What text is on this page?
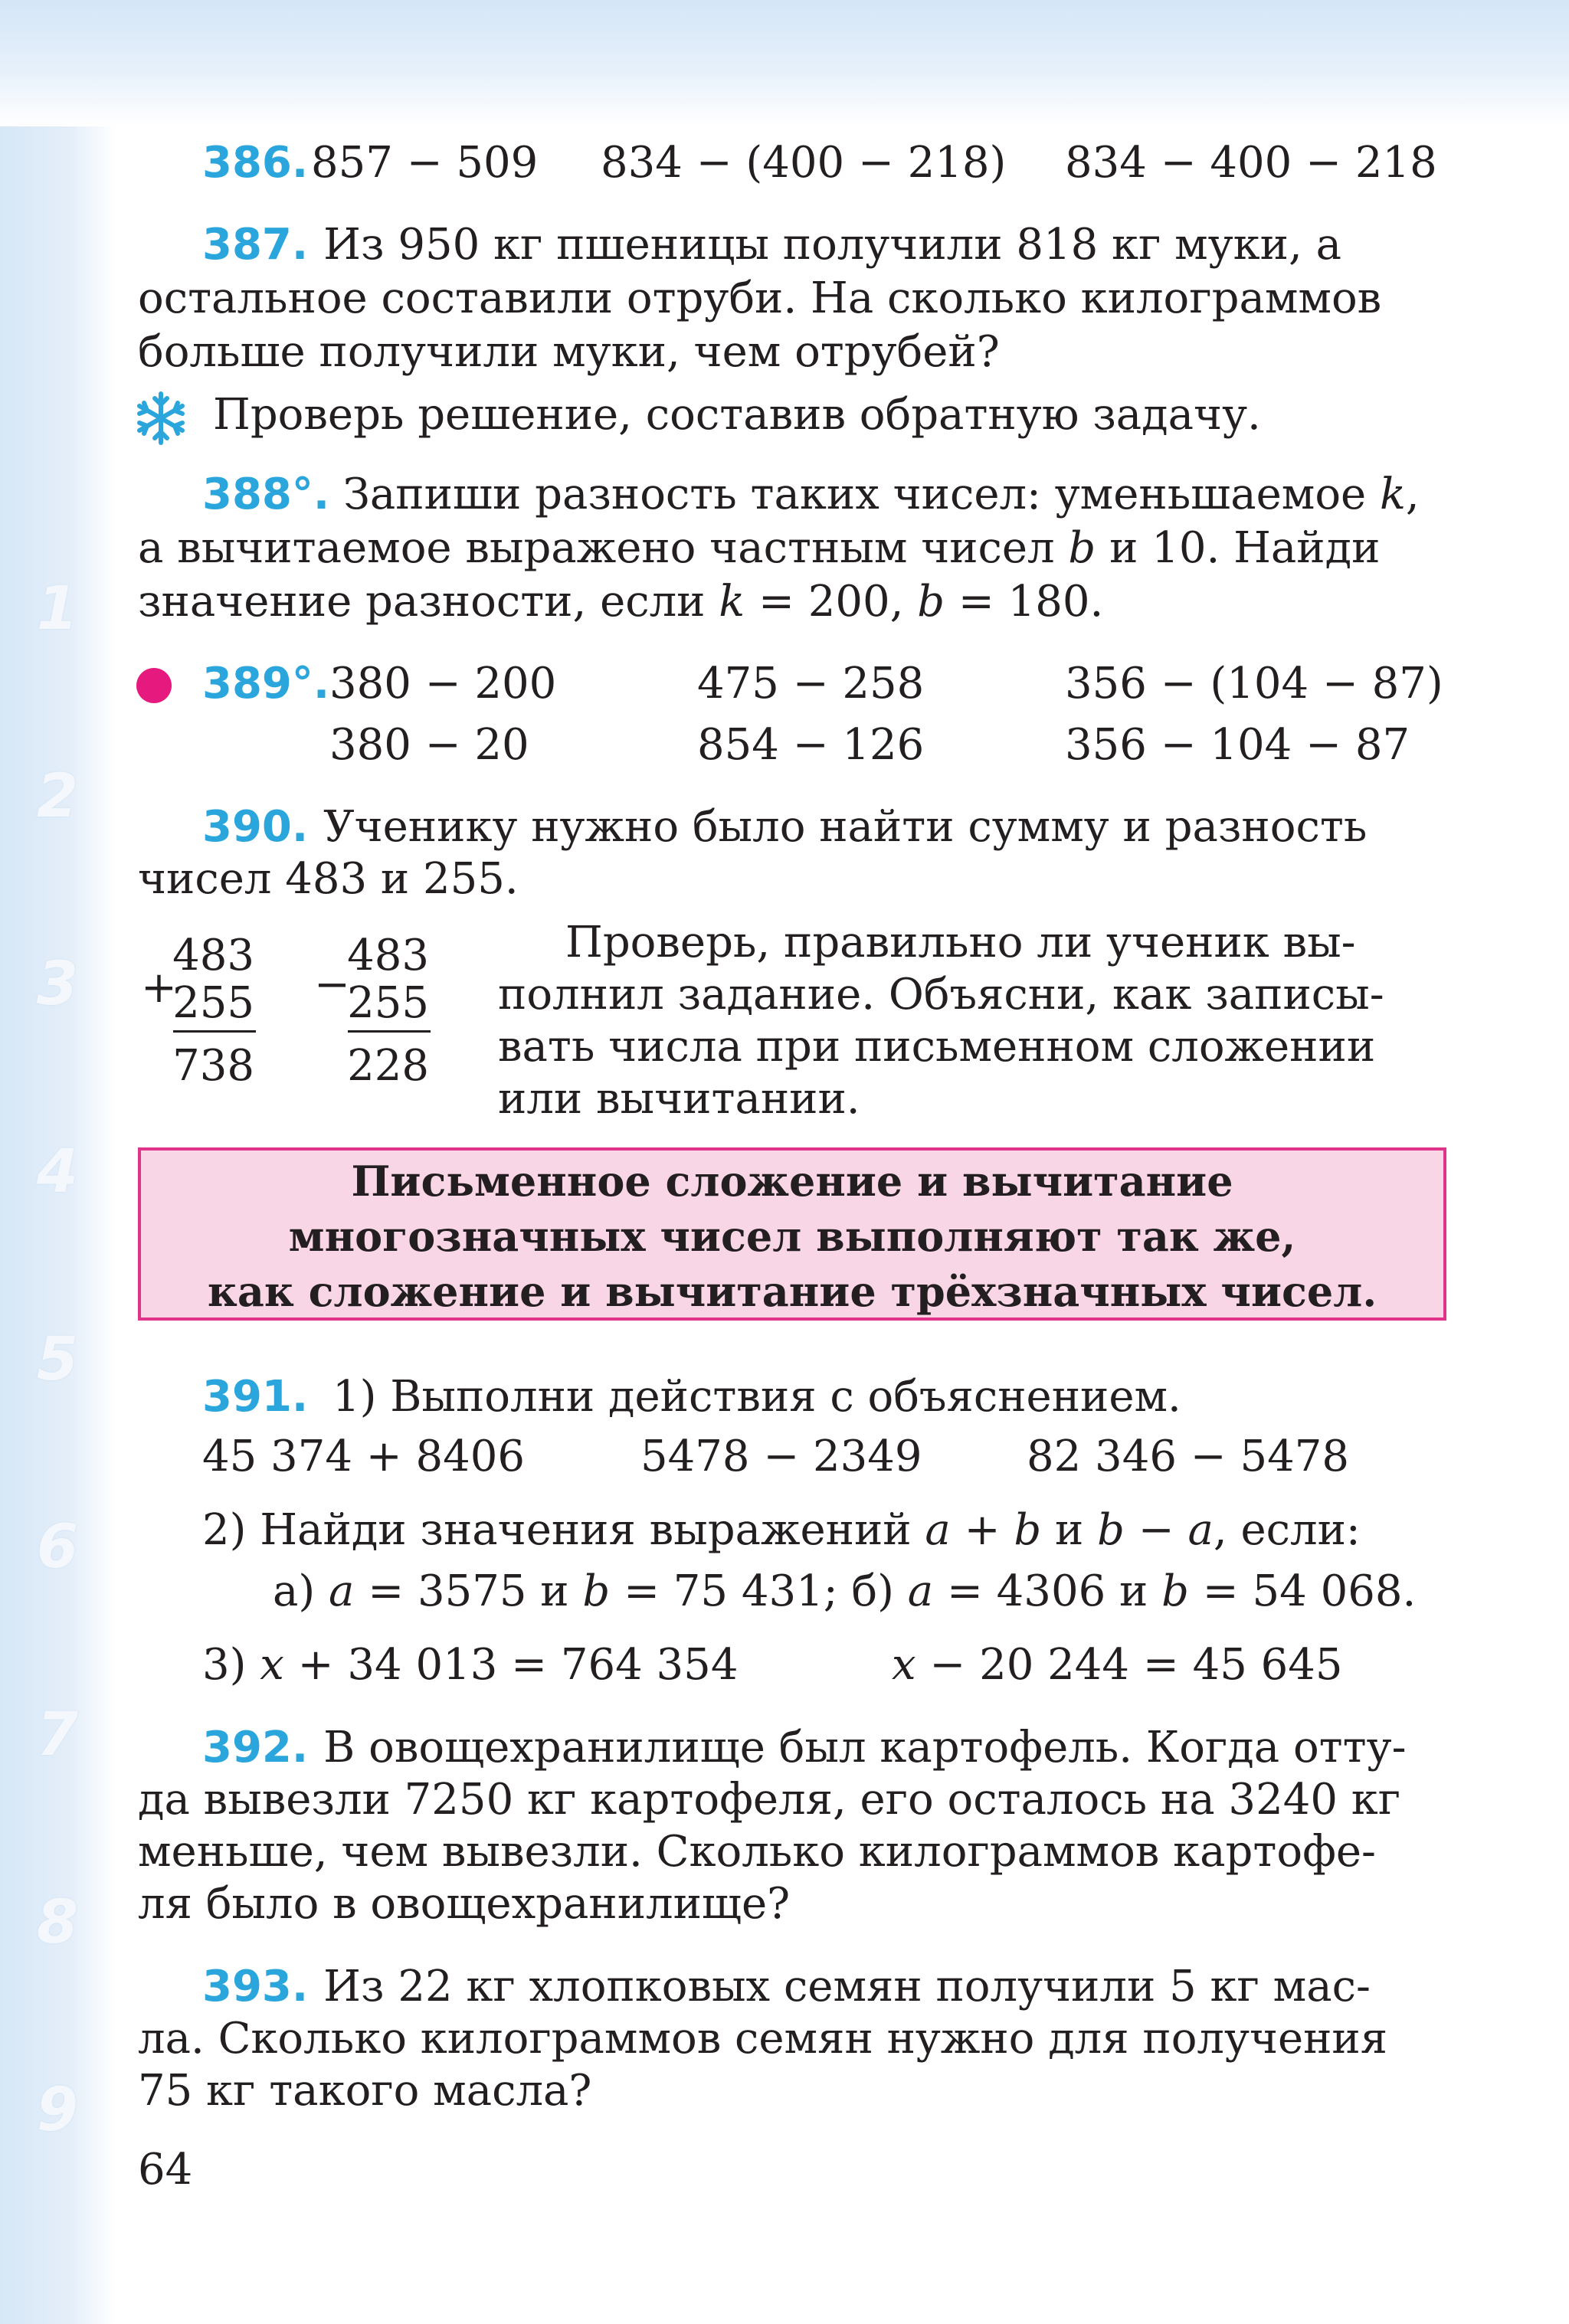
1
2
3
4
5
6
7
8
9
386. 857 − 509 834 − (400 − 218) 834 − 400 − 218
387. Из 950 кг пшеницы получили 818 кг муки, а
остальное составили отруби. На сколько килограммов
больше получили муки, чем отрубей?
Проверь решение, составив обратную задачу.
388°. Запиши разность таких чисел: уменьшаемое k,
а вычитаемое выражено частным чисел b и 10. Найди
значение разности, если k = 200, b = 180.
389°. 380 − 200	475 − 258	356 − (104 − 87)
380 − 20	854 − 126	356 − 104 − 87
390. Ученику нужно было найти сумму и разность
чисел 483 и 255.
+
483
255
738
−
483
255
228
Проверь, правильно ли ученик вы-
полнил задание. Объясни, как записы-
вать числа при письменном сложении
или вычитании.
Письменное сложение и вычитание
многозначных чисел выполняют так же,
как сложение и вычитание трёхзначных чисел.
391. 1) Выполни действия с объяснением.
45 374 + 8406	5478 − 2349 82 346 − 5478
2) Найди значения выражений a + b и b − a, если:
а) a = 3575 и b = 75 431; б) a = 4306 и b = 54 068.
3) x + 34 013 = 764 354	x − 20 244 = 45 645
392. В овощехранилище был картофель. Когда отту-
да вывезли 7250 кг картофеля, его осталось на 3240 кг
меньше, чем вывезли. Сколько килограммов картофе-
ля было в овощехранилище?
393. Из 22 кг хлопковых семян получили 5 кг мас-
ла. Сколько килограммов семян нужно для получения
75 кг такого масла?
64
